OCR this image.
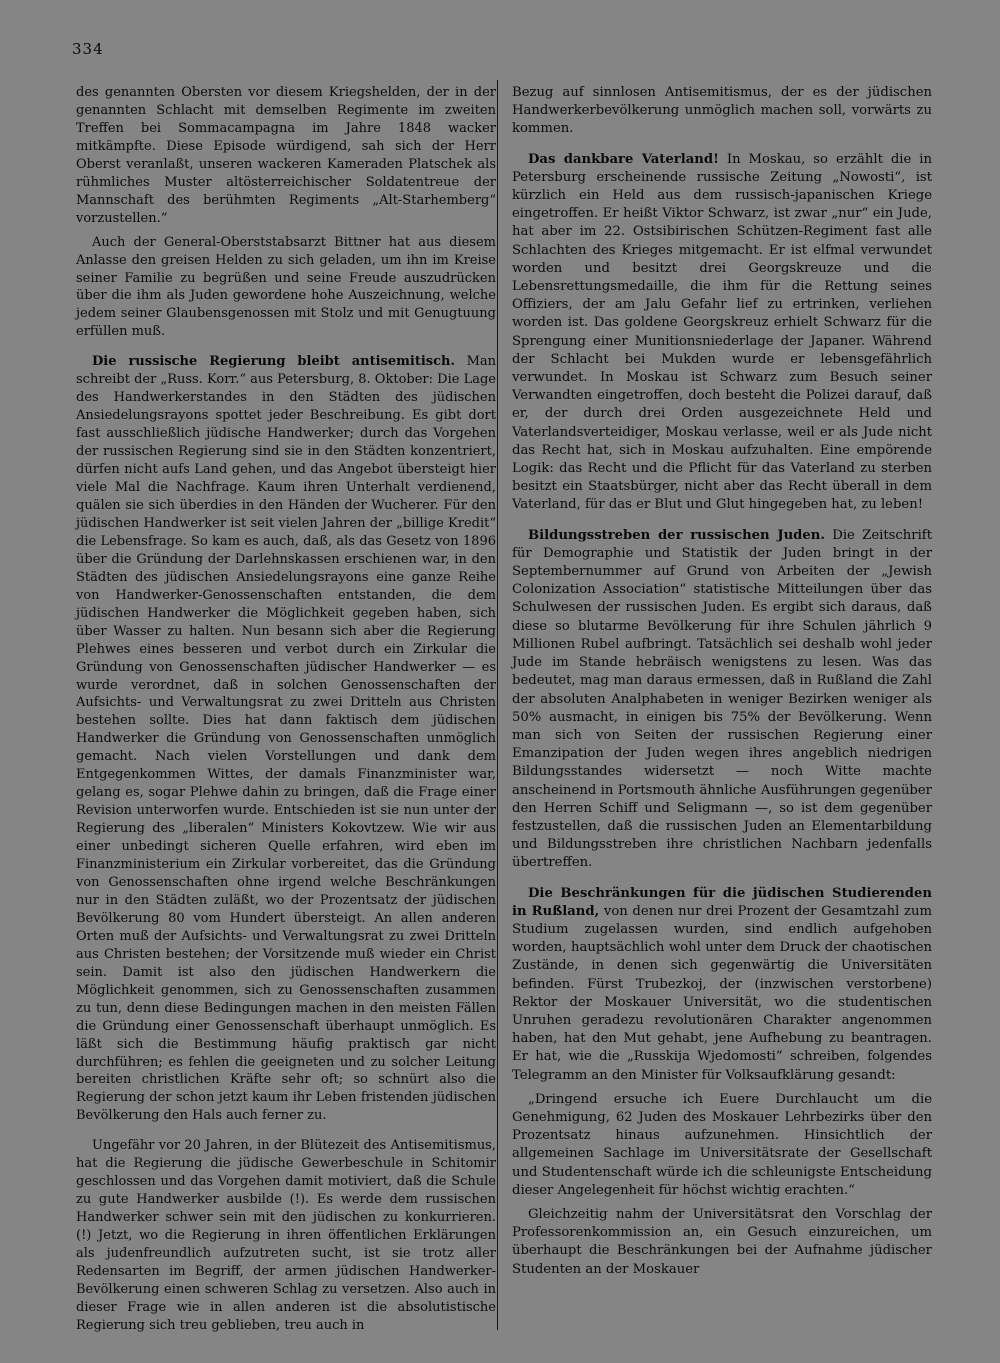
334

des genannten Obersten vor diesem Kriegshelden, der in der genannten Schlacht mit demselben Regimente im zweiten Treffen bei Sommacampagna im Jahre 1848 wacker mitkämpfte. Diese Episode würdigend, sah sich der Herr Oberst veranlaßt, unseren wackeren Kameraden Platschek als rühmliches Muster altösterreichischer Soldatentreue der Mannschaft des berühmten Regiments „Alt-Starhemberg“ vorzustellen.“

Auch der General-Oberststabsarzt Bittner hat aus diesem Anlasse den greisen Helden zu sich geladen, um ihn im Kreise seiner Familie zu begrüßen und seine Freude auszudrücken über die ihm als Juden gewordene hohe Auszeichnung, welche jedem seiner Glaubensgenossen mit Stolz und mit Genugtuung erfüllen muß.

Die russische Regierung bleibt antisemitisch. Man schreibt der „Russ. Korr.“ aus Petersburg, 8. Oktober: Die Lage des Handwerkerstandes in den Städten des jüdischen Ansiedelungsrayons spottet jeder Beschreibung. Es gibt dort fast ausschließlich jüdische Handwerker; durch das Vorgehen der russischen Regierung sind sie in den Städten konzentriert, dürfen nicht aufs Land gehen, und das Angebot übersteigt hier viele Mal die Nachfrage. Kaum ihren Unterhalt verdienend, quälen sie sich überdies in den Händen der Wucherer. Für den jüdischen Handwerker ist seit vielen Jahren der „billige Kredit“ die Lebensfrage. So kam es auch, daß, als das Gesetz von 1896 über die Gründung der Darlehnskassen erschienen war, in den Städten des jüdischen Ansiedelungsrayons eine ganze Reihe von Handwerker-Genossenschaften entstanden, die dem jüdischen Handwerker die Möglichkeit gegeben haben, sich über Wasser zu halten. Nun besann sich aber die Regierung Plehwes eines besseren und verbot durch ein Zirkular die Gründung von Genossenschaften jüdischer Handwerker — es wurde verordnet, daß in solchen Genossenschaften der Aufsichts- und Verwaltungsrat zu zwei Dritteln aus Christen bestehen sollte. Dies hat dann faktisch dem jüdischen Handwerker die Gründung von Genossenschaften unmöglich gemacht. Nach vielen Vorstellungen und dank dem Entgegenkommen Wittes, der damals Finanzminister war, gelang es, sogar Plehwe dahin zu bringen, daß die Frage einer Revision unterworfen wurde. Entschieden ist sie nun unter der Regierung des „liberalen“ Ministers Kokovtzew. Wie wir aus einer unbedingt sicheren Quelle erfahren, wird eben im Finanzministerium ein Zirkular vorbereitet, das die Gründung von Genossenschaften ohne irgend welche Beschränkungen nur in den Städten zuläßt, wo der Prozentsatz der jüdischen Bevölkerung 80 vom Hundert übersteigt. An allen anderen Orten muß der Aufsichts- und Verwaltungsrat zu zwei Dritteln aus Christen bestehen; der Vorsitzende muß wieder ein Christ sein. Damit ist also den jüdischen Handwerkern die Möglichkeit genommen, sich zu Genossenschaften zusammen zu tun, denn diese Bedingungen machen in den meisten Fällen die Gründung einer Genossenschaft überhaupt unmöglich. Es läßt sich die Bestimmung häufig praktisch gar nicht durchführen; es fehlen die geeigneten und zu solcher Leitung bereiten christlichen Kräfte sehr oft; so schnürt also die Regierung der schon jetzt kaum ihr Leben fristenden jüdischen Bevölkerung den Hals auch ferner zu.

Ungefähr vor 20 Jahren, in der Blütezeit des Antisemitismus, hat die Regierung die jüdische Gewerbeschule in Schitomir geschlossen und das Vorgehen damit motiviert, daß die Schule zu gute Handwerker ausbilde (!). Es werde dem russischen Handwerker schwer sein mit den jüdischen zu konkurrieren. (!) Jetzt, wo die Regierung in ihren öffentlichen Erklärungen als judenfreundlich aufzutreten sucht, ist sie trotz aller Redensarten im Begriff, der armen jüdischen Handwerker-Bevölkerung einen schweren Schlag zu versetzen. Also auch in dieser Frage wie in allen anderen ist die absolutistische Regierung sich treu geblieben, treu auch in

Bezug auf sinnlosen Antisemitismus, der es der jüdischen Handwerkerbevölkerung unmöglich machen soll, vorwärts zu kommen.

Das dankbare Vaterland! In Moskau, so erzählt die in Petersburg erscheinende russische Zeitung „Nowosti“, ist kürzlich ein Held aus dem russisch-japanischen Kriege eingetroffen. Er heißt Viktor Schwarz, ist zwar „nur“ ein Jude, hat aber im 22. Ostsibirischen Schützen-Regiment fast alle Schlachten des Krieges mitgemacht. Er ist elfmal verwundet worden und besitzt drei Georgskreuze und die Lebensrettungsmedaille, die ihm für die Rettung seines Offiziers, der am Jalu Gefahr lief zu ertrinken, verliehen worden ist. Das goldene Georgskreuz erhielt Schwarz für die Sprengung einer Munitionsniederlage der Japaner. Während der Schlacht bei Mukden wurde er lebensgefährlich verwundet. In Moskau ist Schwarz zum Besuch seiner Verwandten eingetroffen, doch besteht die Polizei darauf, daß er, der durch drei Orden ausgezeichnete Held und Vaterlandsverteidiger, Moskau verlasse, weil er als Jude nicht das Recht hat, sich in Moskau aufzuhalten. Eine empörende Logik: das Recht und die Pflicht für das Vaterland zu sterben besitzt ein Staatsbürger, nicht aber das Recht überall in dem Vaterland, für das er Blut und Glut hingegeben hat, zu leben!

Bildungsstreben der russischen Juden. Die Zeitschrift für Demographie und Statistik der Juden bringt in der Septembernummer auf Grund von Arbeiten der „Jewish Colonization Association“ statistische Mitteilungen über das Schulwesen der russischen Juden. Es ergibt sich daraus, daß diese so blutarme Bevölkerung für ihre Schulen jährlich 9 Millionen Rubel aufbringt. Tatsächlich sei deshalb wohl jeder Jude im Stande hebräisch wenigstens zu lesen. Was das bedeutet, mag man daraus ermessen, daß in Rußland die Zahl der absoluten Analphabeten in weniger Bezirken weniger als 50% ausmacht, in einigen bis 75% der Bevölkerung. Wenn man sich von Seiten der russischen Regierung einer Emanzipation der Juden wegen ihres angeblich niedrigen Bildungsstandes widersetzt — noch Witte machte anscheinend in Portsmouth ähnliche Ausführungen gegenüber den Herren Schiff und Seligmann —, so ist dem gegenüber festzustellen, daß die russischen Juden an Elementarbildung und Bildungsstreben ihre christlichen Nachbarn jedenfalls übertreffen.

Die Beschränkungen für die jüdischen Studierenden in Rußland, von denen nur drei Prozent der Gesamtzahl zum Studium zugelassen wurden, sind endlich aufgehoben worden, hauptsächlich wohl unter dem Druck der chaotischen Zustände, in denen sich gegenwärtig die Universitäten befinden. Fürst Trubezkoj, der (inzwischen verstorbene) Rektor der Moskauer Universität, wo die studentischen Unruhen geradezu revolutionären Charakter angenommen haben, hat den Mut gehabt, jene Aufhebung zu beantragen. Er hat, wie die „Russkija Wjedomosti“ schreiben, folgendes Telegramm an den Minister für Volksaufklärung gesandt:

„Dringend ersuche ich Euere Durchlaucht um die Genehmigung, 62 Juden des Moskauer Lehrbezirks über den Prozentsatz hinaus aufzunehmen. Hinsichtlich der allgemeinen Sachlage im Universitätsrate der Gesellschaft und Studentenschaft würde ich die schleunigste Entscheidung dieser Angelegenheit für höchst wichtig erachten.“

Gleichzeitig nahm der Universitätsrat den Vorschlag der Professorenkommission an, ein Gesuch einzureichen, um überhaupt die Beschränkungen bei der Aufnahme jüdischer Studenten an der Moskauer
